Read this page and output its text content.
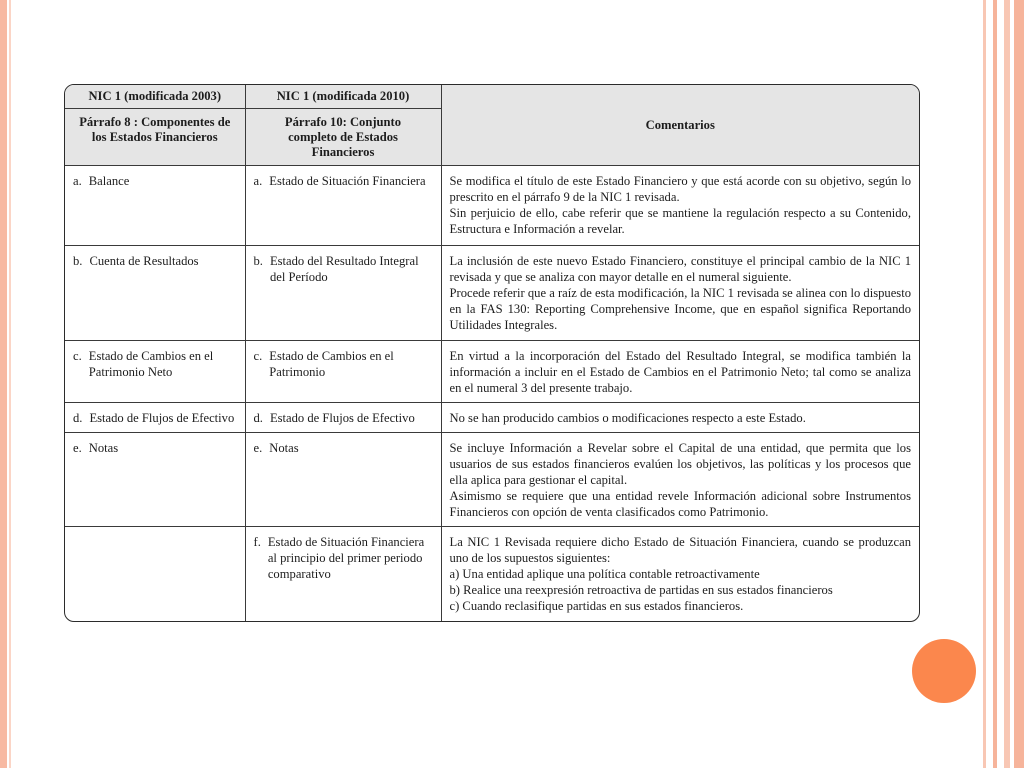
NIC 1 (modificada 2003)	NIC 1 (modificada 2010)	Comentarios
Párrafo 8 : Componentes de los Estados Financieros	Párrafo 10: Conjunto completo de Estados Financieros	

a. Balance	a. Estado de Situación Financiera	Se modifica el título de este Estado Financiero y que está acorde con su objetivo, según lo prescrito en el párrafo 9 de la NIC 1 revisada.
Sin perjuicio de ello, cabe referir que se mantiene la regulación respecto a su Contenido, Estructura e Información a revelar.

b. Cuenta de Resultados	b. Estado del Resultado Integral del Período	La inclusión de este nuevo Estado Financiero, constituye el principal cambio de la NIC 1 revisada y que se analiza con mayor detalle en el numeral siguiente.
Procede referir que a raíz de esta modificación, la NIC 1 revisada se alinea con lo dispuesto en la FAS 130: Reporting Comprehensive Income, que en español significa Reportando Utilidades Integrales.

c. Estado de Cambios en el Patrimonio Neto	c. Estado de Cambios en el Patrimonio	En virtud a la incorporación del Estado del Resultado Integral, se modifica también la información a incluir en el Estado de Cambios en el Patrimonio Neto; tal como se analiza en el numeral 3 del presente trabajo.

d. Estado de Flujos de Efectivo	d. Estado de Flujos de Efectivo	No se han producido cambios o modificaciones respecto a este Estado.

e. Notas	e. Notas	Se incluye Información a Revelar sobre el Capital de una entidad, que permita que los usuarios de sus estados financieros evalúen los objetivos, las políticas y los procesos que ella aplica para gestionar el capital.
Asimismo se requiere que una entidad revele Información adicional sobre Instrumentos Financieros con opción de venta clasificados como Patrimonio.

	f. Estado de Situación Financiera al principio del primer periodo comparativo	La NIC 1 Revisada requiere dicho Estado de Situación Financiera, cuando se produzcan uno de los supuestos siguientes:
a) Una entidad aplique una política contable retroactivamente
b) Realice una reexpresión retroactiva de partidas en sus estados financieros
c) Cuando reclasifique partidas en sus estados financieros.
